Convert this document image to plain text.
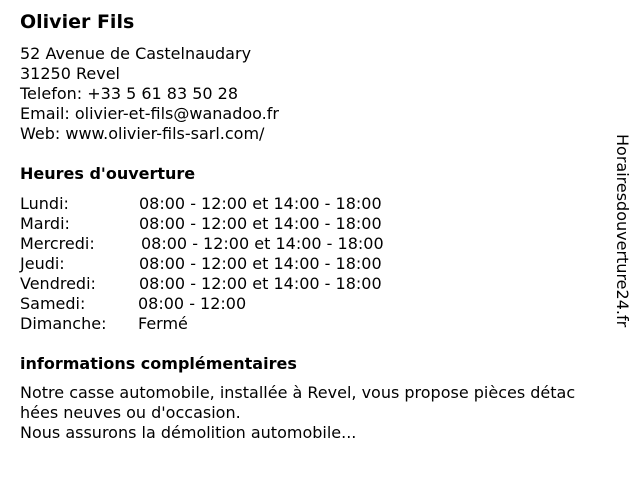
Olivier Fils
52 Avenue de Castelnaudary
31250 Revel
Telefon: +33 5 61 83 50 28
Email: olivier-et-fils@wanadoo.fr
Web: www.olivier-fils-sarl.com/
Heures d'ouverture
Lundi:	08:00 - 12:00 et 14:00 - 18:00
Mardi:	08:00 - 12:00 et 14:00 - 18:00
Mercredi:	08:00 - 12:00 et 14:00 - 18:00
Jeudi:	08:00 - 12:00 et 14:00 - 18:00
Vendredi:	08:00 - 12:00 et 14:00 - 18:00
Samedi:	08:00 - 12:00
Dimanche: Fermé
informations complémentaires
Notre casse automobile, installée à Revel, vous propose pièces détac
hées neuves ou d'occasion.
Nous assurons la démolition automobile...
Horairesdouverture24.fr
